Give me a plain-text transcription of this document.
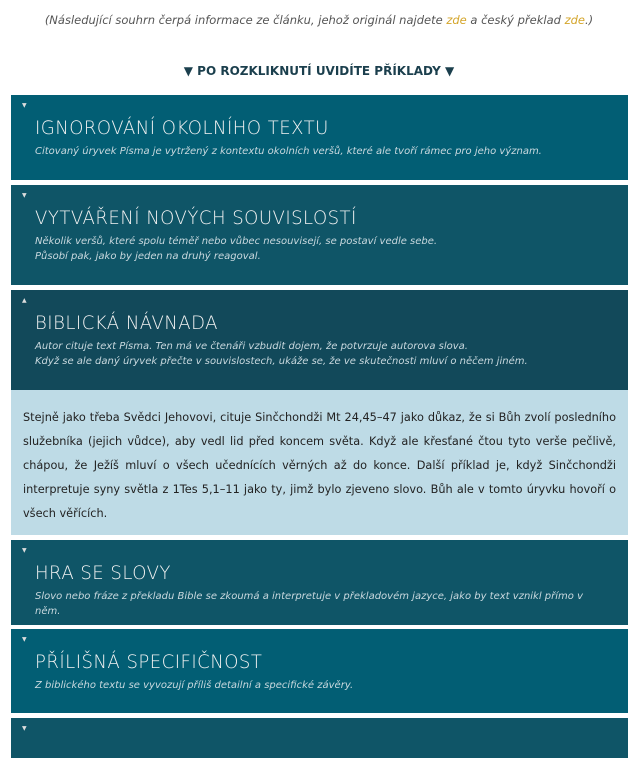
(Následující souhrn čerpá informace ze článku, jehož originál najdete zde a český překlad zde.)
▼ PO ROZKLIKNUTÍ UVIDÍTE PŘÍKLADY ▼
▼
IGNOROVÁNÍ OKOLNÍHO TEXTU
Citovaný úryvek Písma je vytržený z kontextu okolních veršů, které ale tvoří rámec pro jeho význam.
▼
VYTVÁŘENÍ NOVÝCH SOUVISLOSTÍ
Několik veršů, které spolu téměř nebo vůbec nesouvisejí, se postaví vedle sebe.
Působí pak, jako by jeden na druhý reagoval.
▲
BIBLICKÁ NÁVNADA
Autor cituje text Písma. Ten má ve čtenáři vzbudit dojem, že potvrzuje autorova slova.
Když se ale daný úryvek přečte v souvislostech, ukáže se, že ve skutečnosti mluví o něčem jiném.
Stejně jako třeba Svědci Jehovovi, cituje Sinčchondži Mt 24,45–47 jako důkaz, že si Bůh zvolí posledního služebníka (jejich vůdce), aby vedl lid před koncem světa. Když ale křesťané čtou tyto verše pečlivě, chápou, že Ježíš mluví o všech učednících věrných až do konce. Další příklad je, když Sinčchondži interpretuje syny světla z 1Tes 5,1–11 jako ty, jimž bylo zjeveno slovo. Bůh ale v tomto úryvku hovoří o všech věřících.
▼
HRA SE SLOVY
Slovo nebo fráze z překladu Bible se zkoumá a interpretuje v překladovém jazyce, jako by text vznikl přímo v něm.
▼
PŘÍLIŠNÁ SPECIFIČNOST
Z biblického textu se vyvozují příliš detailní a specifické závěry.
▼
